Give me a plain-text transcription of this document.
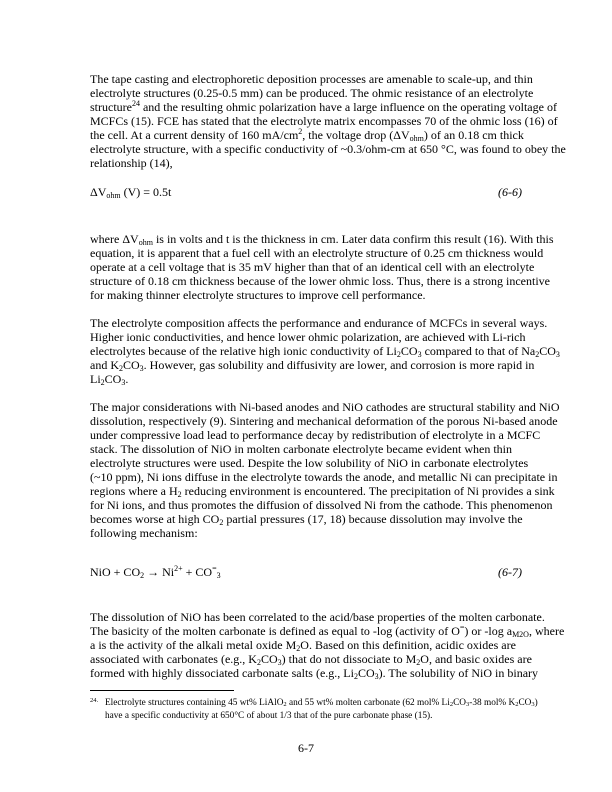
The tape casting and electrophoretic deposition processes are amenable to scale-up, and thin
electrolyte structures (0.25-0.5 mm) can be produced. The ohmic resistance of an electrolyte
structure$^{24}$ and the resulting ohmic polarization have a large influence on the operating voltage of
MCFCs (15). FCE has stated that the electrolyte matrix encompasses 70 of the ohmic loss (16) of
the cell. At a current density of 160 $mA/cm^2$, the voltage drop $(\Delta V_{ohm})$ of an 0.18 cm thick
electrolyte structure, with a specific conductivity of ~0.3/ohm-cm at 650 °C, was found to obey the
relationship (14),
$\Delta V_{ohm}$ (V) = 0.5t	(6-6)
where $\Delta V_{ohm}$ is in volts and t is the thickness in cm. Later data confirm this result (16). With this
equation, it is apparent that a fuel cell with an electrolyte structure of 0.25 cm thickness would
operate at a cell voltage that is 35 mV higher than that of an identical cell with an electrolyte
structure of 0.18 cm thickness because of the lower ohmic loss. Thus, there is a strong incentive
for making thinner electrolyte structures to improve cell performance.
The electrolyte composition affects the performance and endurance of MCFCs in several ways.
Higher ionic conductivities, and hence lower ohmic polarization, are achieved with Li-rich
electrolytes because of the relative high ionic conductivity of $Li_2CO_3$ compared to that of $Na_2CO_3$
and $K_2CO_3$. However, gas solubility and diffusivity are lower, and corrosion is more rapid in
$Li_2CO_3$.
The major considerations with Ni-based anodes and NiO cathodes are structural stability and NiO
dissolution, respectively (9). Sintering and mechanical deformation of the porous Ni-based anode
under compressive load lead to performance decay by redistribution of electrolyte in a MCFC
stack. The dissolution of NiO in molten carbonate electrolyte became evident when thin
electrolyte structures were used. Despite the low solubility of NiO in carbonate electrolytes
(~10 ppm), Ni ions diffuse in the electrolyte towards the anode, and metallic Ni can precipitate in
regions where a $H_2$ reducing environment is encountered. The precipitation of Ni provides a sink
for Ni ions, and thus promotes the diffusion of dissolved Ni from the cathode. This phenomenon
becomes worse at high $CO_2$ partial pressures (17, 18) because dissolution may involve the
following mechanism:
NiO + $CO_2 \to Ni^{2+} + CO^=_3$	(6-7)
The dissolution of NiO has been correlated to the acid/base properties of the molten carbonate.
The basicity of the molten carbonate is defined as equal to -log (activity of O=) or -log $a_{M2O}$, where
a is the activity of the alkali metal oxide $M_2O$. Based on this definition, acidic oxides are
associated with carbonates (e.g., $K_2CO_3$) that do not dissociate to $M_2O$, and basic oxides are
formed with highly dissociated carbonate salts (e.g., $Li_2CO_3$). The solubility of NiO in binary
24. Electrolyte structures containing 45 wt% LiAlO$_2$ and 55 wt% molten carbonate (62 mol% $Li_2CO_3-38$ mol% $K_2CO_3$)
have a specific conductivity at 650°C of about 1/3 that of the pure carbonate phase (15).
6-7
